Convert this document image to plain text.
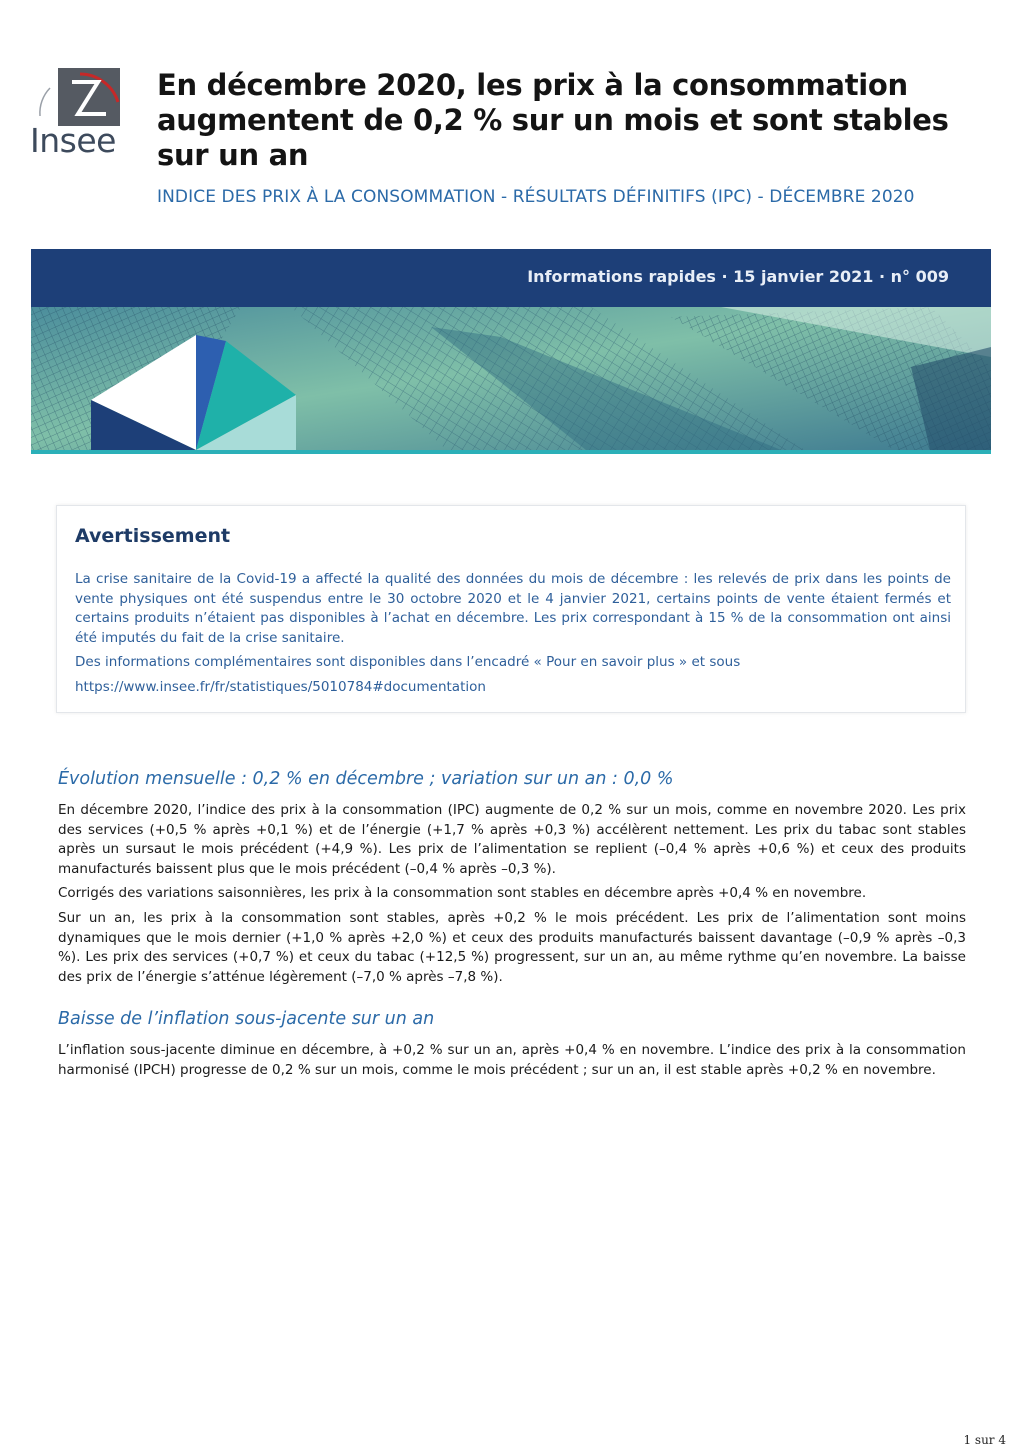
Insee
En décembre 2020, les prix à la consommation augmentent de 0,2 % sur un mois et sont stables sur un an
INDICE DES PRIX À LA CONSOMMATION - RÉSULTATS DÉFINITIFS (IPC) - DÉCEMBRE 2020
Informations rapides · 15 janvier 2021 · n° 009
Avertissement

La crise sanitaire de la Covid-19 a affecté la qualité des données du mois de décembre : les relevés de prix dans les points de vente physiques ont été suspendus entre le 30 octobre 2020 et le 4 janvier 2021, certains points de vente étaient fermés et certains produits n’étaient pas disponibles à l’achat en décembre. Les prix correspondant à 15 % de la consommation ont ainsi été imputés du fait de la crise sanitaire.

Des informations complémentaires sont disponibles dans l’encadré « Pour en savoir plus » et sous

https://www.insee.fr/fr/statistiques/5010784#documentation

Évolution mensuelle : 0,2 % en décembre ; variation sur un an : 0,0 %

En décembre 2020, l’indice des prix à la consommation (IPC) augmente de 0,2 % sur un mois, comme en novembre 2020. Les prix des services (+0,5 % après +0,1 %) et de l’énergie (+1,7 % après +0,3 %) accélèrent nettement. Les prix du tabac sont stables après un sursaut le mois précédent (+4,9 %). Les prix de l’alimentation se replient (–0,4 % après +0,6 %) et ceux des produits manufacturés baissent plus que le mois précédent (–0,4 % après –0,3 %).

Corrigés des variations saisonnières, les prix à la consommation sont stables en décembre après +0,4 % en novembre.

Sur un an, les prix à la consommation sont stables, après +0,2 % le mois précédent. Les prix de l’alimentation sont moins dynamiques que le mois dernier (+1,0 % après +2,0 %) et ceux des produits manufacturés baissent davantage (–0,9 % après –0,3 %). Les prix des services (+0,7 %) et ceux du tabac (+12,5 %) progressent, sur un an, au même rythme qu’en novembre. La baisse des prix de l’énergie s’atténue légèrement (–7,0 % après –7,8 %).

Baisse de l’inflation sous-jacente sur un an

L’inflation sous-jacente diminue en décembre, à +0,2 % sur un an, après +0,4 % en novembre. L’indice des prix à la consommation harmonisé (IPCH) progresse de 0,2 % sur un mois, comme le mois précédent ; sur un an, il est stable après +0,2 % en novembre.

1 sur 4
